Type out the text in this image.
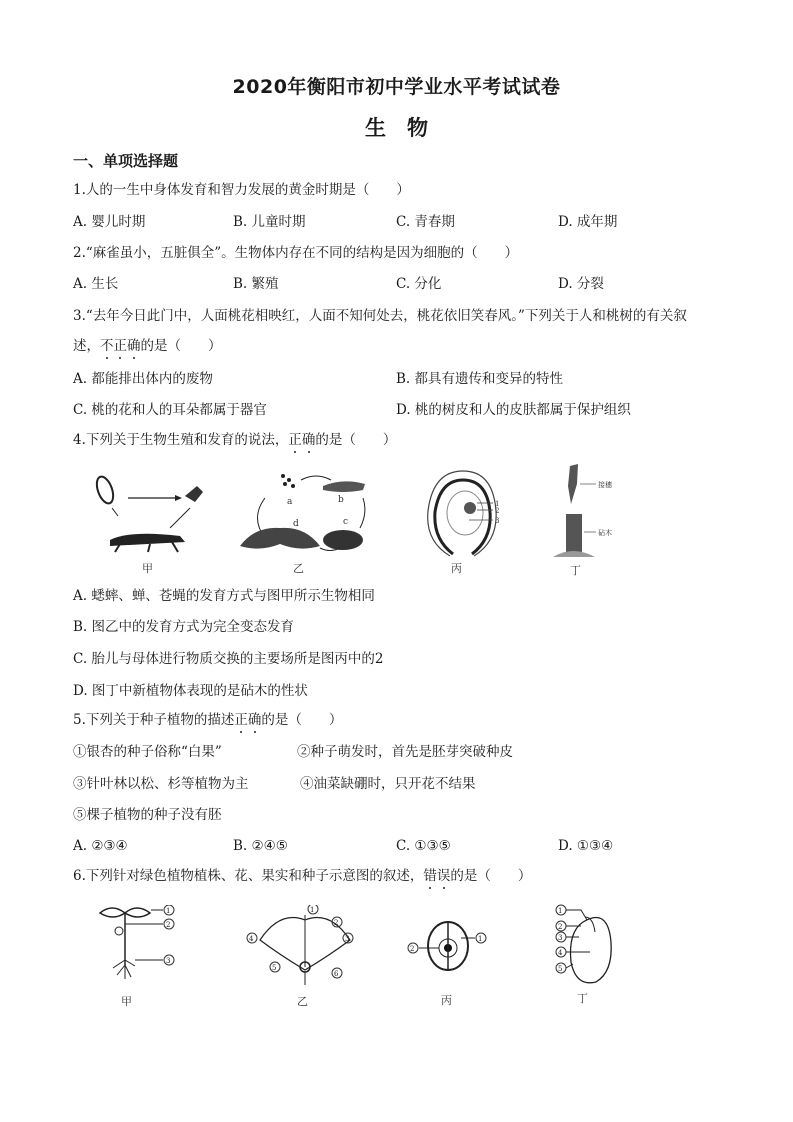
2020年衡阳市初中学业水平考试试卷
生　物
一、单项选择题
1.人的一生中身体发育和智力发展的黄金时期是（　　）
A. 婴儿时期	B. 儿童时期	C. 青春期	D. 成年期
2.“麻雀虽小，五脏俱全”。生物体内存在不同的结构是因为细胞的（　　）
A. 生长	B. 繁殖	C. 分化	D. 分裂
3.“去年今日此门中，人面桃花相映红，人面不知何处去，桃花依旧笑春风。”下列关于人和桃树的有关叙
述，不正确的是（　　）
A. 都能排出体内的废物	B. 都具有遗传和变异的特性
C. 桃的花和人的耳朵都属于器官	D. 桃的树皮和人的皮肤都属于保护组织
4.下列关于生物生殖和发育的说法，正确的是（　　）
甲
a	b
c
d
乙
1
2
3
丙
接穗
砧木
丁
A. 蟋蟀、蝉、苍蝇的发育方式与图甲所示生物相同
B. 图乙中的发育方式为完全变态发育
C. 胎儿与母体进行物质交换的主要场所是图丙中的2
D. 图丁中新植物体表现的是砧木的性状
5.下列关于种子植物的描述正确的是（　　）
①银杏的种子俗称“白果”	②种子萌发时，首先是胚芽突破种皮
③针叶林以松、杉等植物为主	④油菜缺硼时，只开花不结果
⑤棵子植物的种子没有胚
A. ②③④	B. ②④⑤	C. ①③⑤	D. ①③④
6.下列针对绿色植物植株、花、果实和种子示意图的叙述，错误的是（　　）
1
2
3
甲
1
2
3
4
5
6
乙
1
2
丙
1
2
3
4
5
丁
